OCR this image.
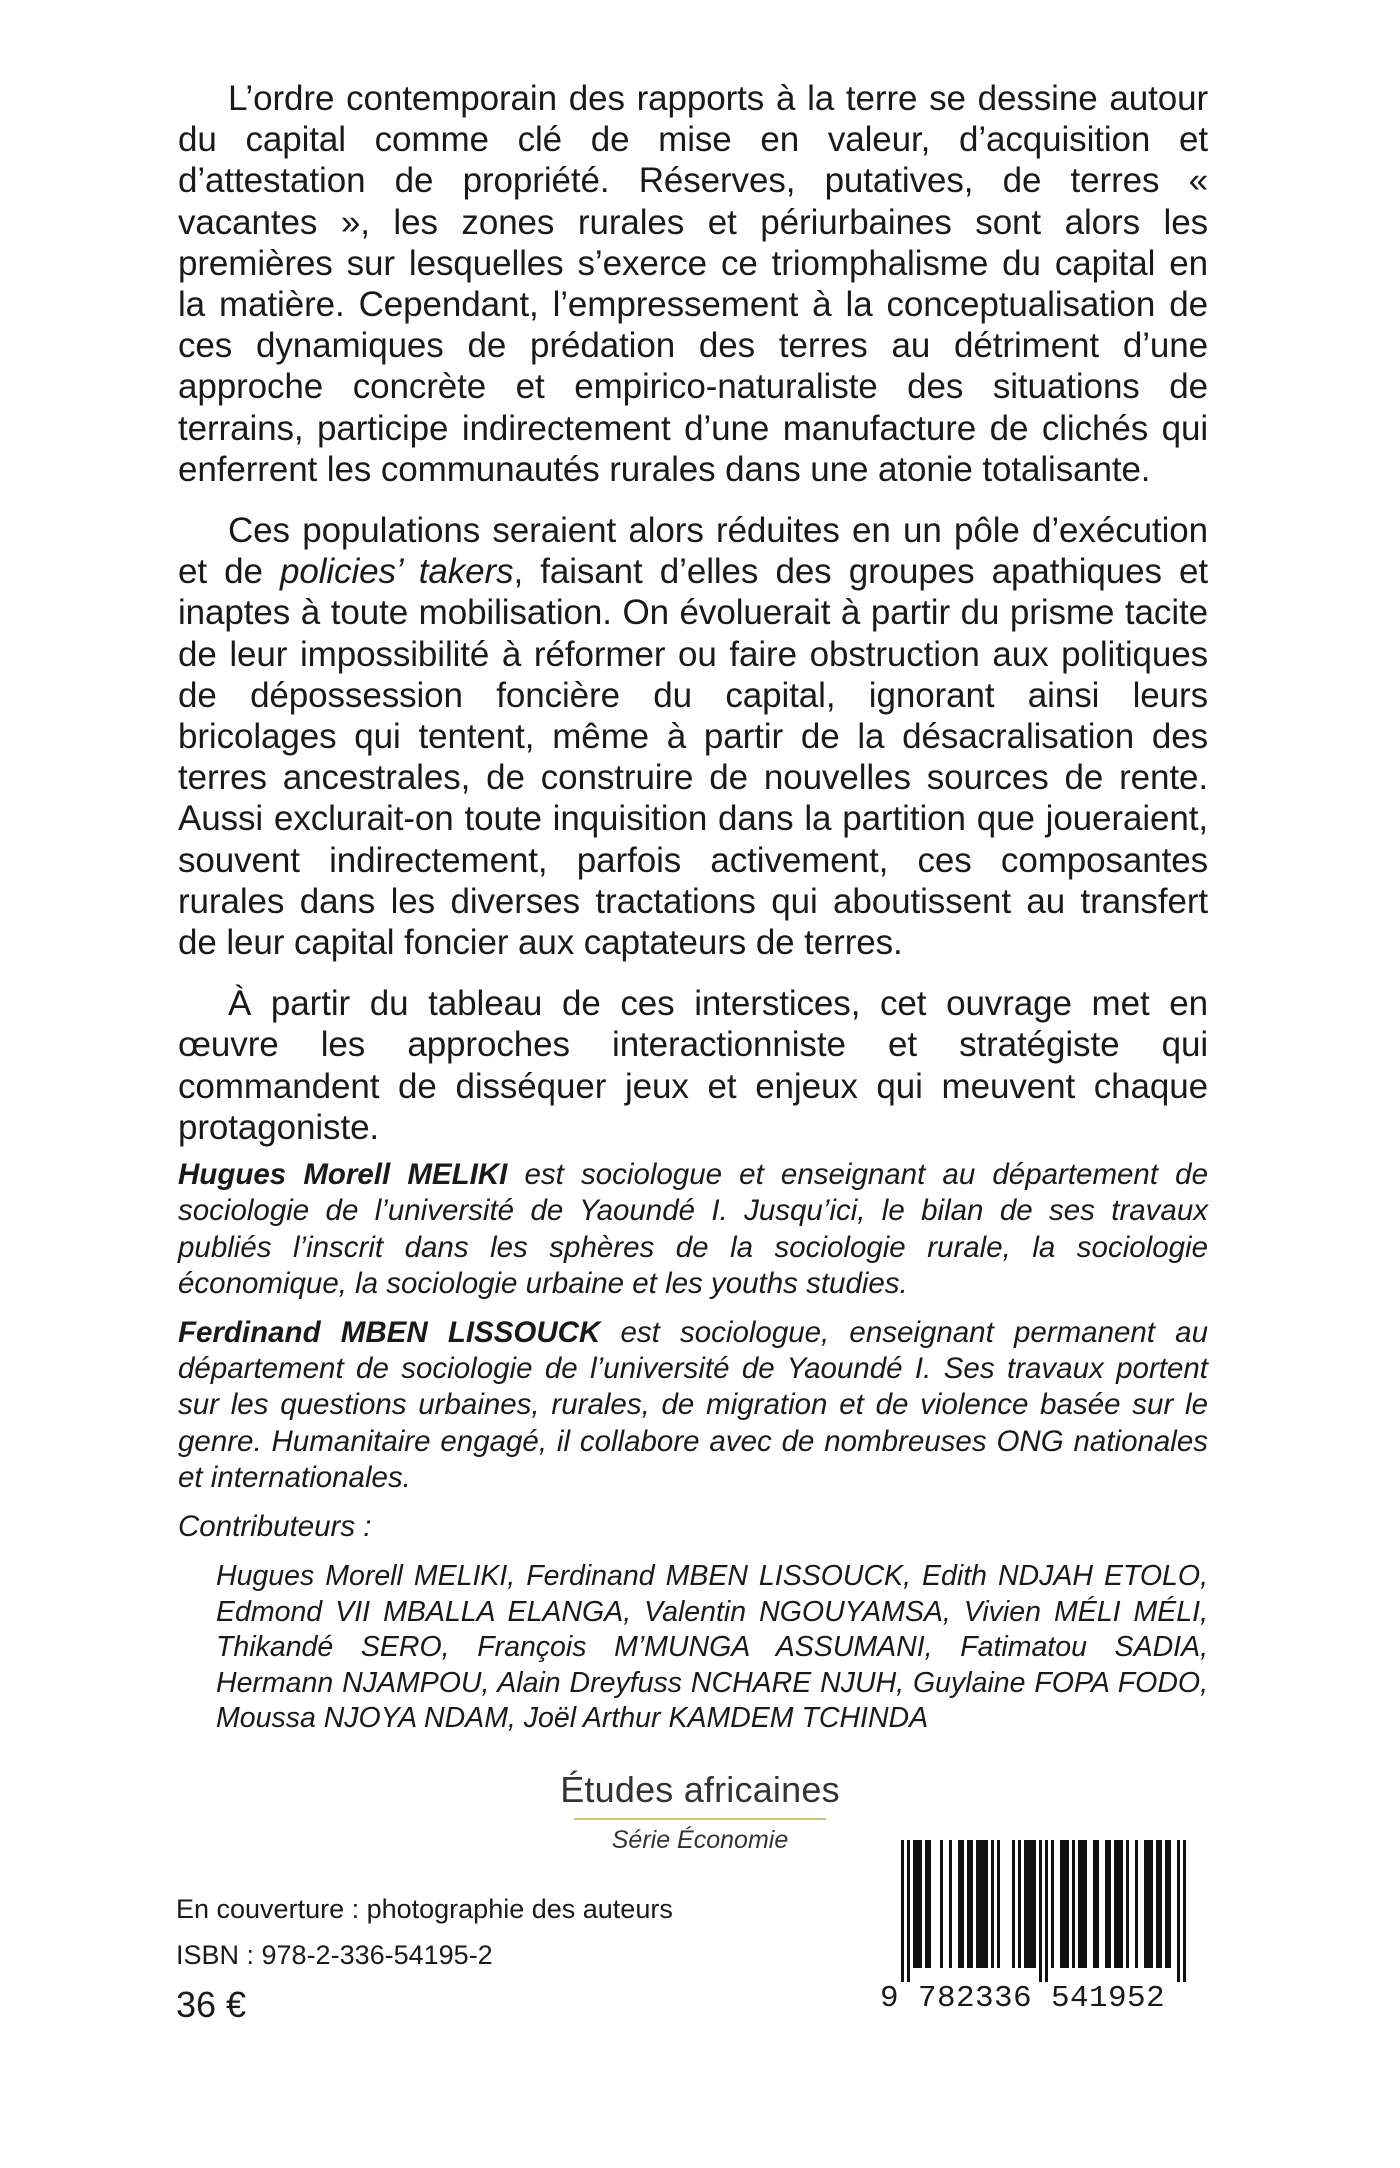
L’ordre contemporain des rapports à la terre se dessine autour du capital comme clé de mise en valeur, d’acquisition et d’attestation de propriété. Réserves, putatives, de terres « vacantes », les zones rurales et périurbaines sont alors les premières sur lesquelles s’exerce ce triomphalisme du capital en la matière. Cependant, l’empressement à la conceptualisation de ces dynamiques de prédation des terres au détriment d’une approche concrète et empirico-naturaliste des situations de terrains, participe indirectement d’une manufacture de clichés qui enferrent les communautés rurales dans une atonie totalisante.

Ces populations seraient alors réduites en un pôle d’exécution et de policies’ takers, faisant d’elles des groupes apathiques et inaptes à toute mobilisation. On évoluerait à partir du prisme tacite de leur impossibilité à réformer ou faire obstruction aux politiques de dépossession foncière du capital, ignorant ainsi leurs bricolages qui tentent, même à partir de la désacralisation des terres ancestrales, de construire de nouvelles sources de rente. Aussi exclurait-on toute inquisition dans la partition que joueraient, souvent indirectement, parfois activement, ces composantes rurales dans les diverses tractations qui aboutissent au transfert de leur capital foncier aux captateurs de terres.

À partir du tableau de ces interstices, cet ouvrage met en œuvre les approches interactionniste et stratégiste qui commandent de disséquer jeux et enjeux qui meuvent chaque protagoniste.

Hugues Morell MELIKI est sociologue et enseignant au département de sociologie de l’université de Yaoundé I. Jusqu’ici, le bilan de ses travaux publiés l’inscrit dans les sphères de la sociologie rurale, la sociologie économique, la sociologie urbaine et les youths studies.

Ferdinand MBEN LISSOUCK est sociologue, enseignant permanent au département de sociologie de l’université de Yaoundé I. Ses travaux portent sur les questions urbaines, rurales, de migration et de violence basée sur le genre. Humanitaire engagé, il collabore avec de nombreuses ONG nationales et internationales.

Contributeurs :

Hugues Morell MELIKI, Ferdinand MBEN LISSOUCK, Edith NDJAH ETOLO, Edmond VII MBALLA ELANGA, Valentin NGOUYAMSA, Vivien MÉLI MÉLI, Thikandé SERO, François M’MUNGA ASSUMANI, Fatimatou SADIA, Hermann NJAMPOU, Alain Dreyfuss NCHARE NJUH, Guylaine FOPA FODO, Moussa NJOYA NDAM, Joël Arthur KAMDEM TCHINDA

Études africaines
Série Économie
En couverture : photographie des auteurs
ISBN : 978-2-336-54195-2
36 €	9 782336 541952
